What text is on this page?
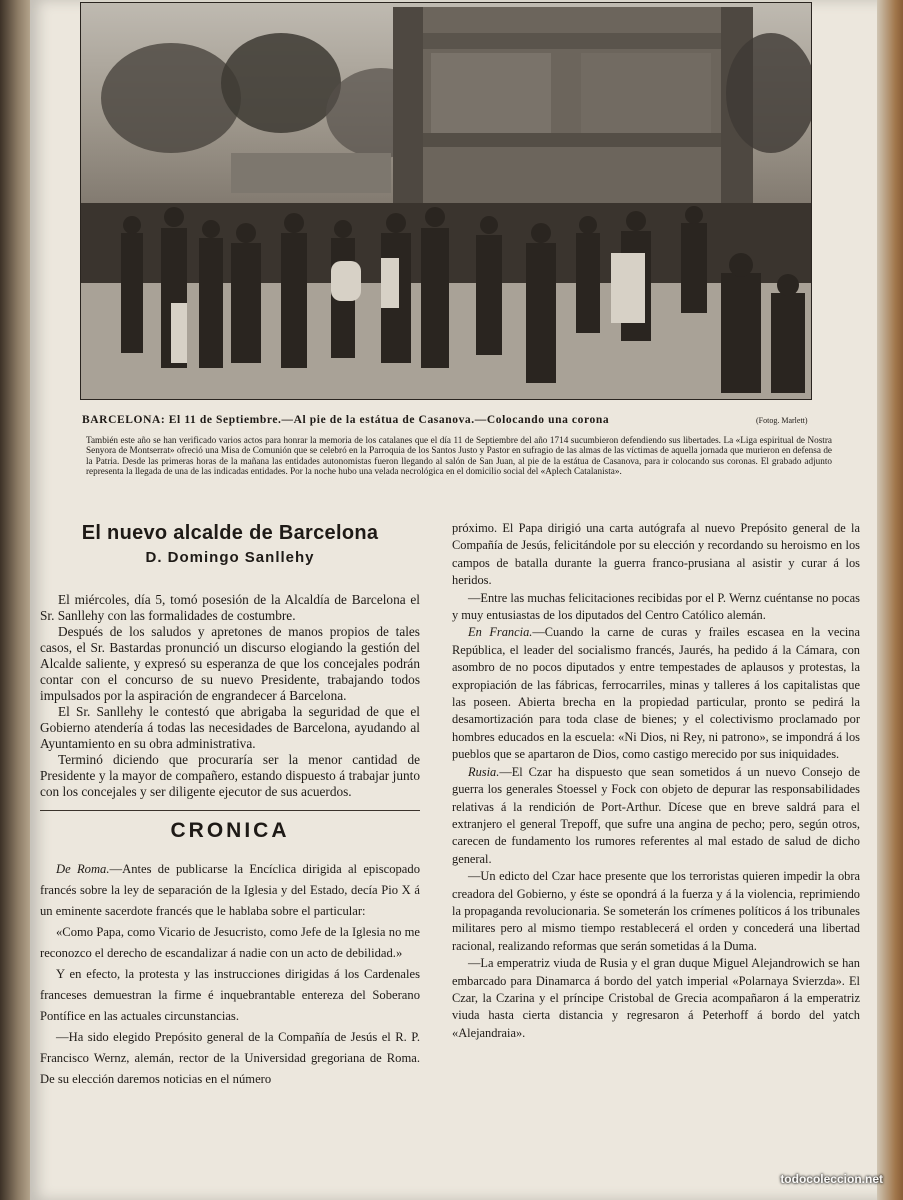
BARCELONA: El 11 de Septiembre.—Al pie de la estátua de Casanova.—Colocando una corona	(Fotog. Marlett)
También este año se han verificado varios actos para honrar la memoria de los catalanes que el día 11 de Septiembre del año 1714 sucumbieron defendiendo sus libertades. La «Liga espiritual de Nostra Senyora de Montserrat» ofreció una Misa de Comunión que se celebró en la Parroquia de los Santos Justo y Pastor en sufragio de las almas de las víctimas de aquella jornada que murieron en defensa de la Patria. Desde las primeras horas de la mañana las entidades autonomistas fueron llegando al salón de San Juan, al pie de la estátua de Casanova, para ir colocando sus coronas. El grabado adjunto representa la llegada de una de las indicadas entidades. Por la noche hubo una velada necrológica en el domicilio social del «Aplech Catalanista».
El nuevo alcalde de Barcelona
D. Domingo Sanllehy

El miércoles, día 5, tomó posesión de la Alcaldía de Barcelona el Sr. Sanllehy con las formalidades de costumbre.

Después de los saludos y apretones de manos propios de tales casos, el Sr. Bastardas pronunció un discurso elogiando la gestión del Alcalde saliente, y expresó su esperanza de que los concejales podrán contar con el concurso de su nuevo Presidente, trabajando todos impulsados por la aspiración de engrandecer á Barcelona.

El Sr. Sanllehy le contestó que abrigaba la seguridad de que el Gobierno atendería á todas las necesidades de Barcelona, ayudando al Ayuntamiento en su obra administrativa.

Terminó diciendo que procuraría ser la menor cantidad de Presidente y la mayor de compañero, estando dispuesto á trabajar junto con los concejales y ser diligente ejecutor de sus acuerdos.

CRONICA

De Roma.—Antes de publicarse la Encíclica dirigida al episcopado francés sobre la ley de separación de la Iglesia y del Estado, decía Pio X á un eminente sacerdote francés que le hablaba sobre el particular:

«Como Papa, como Vicario de Jesucristo, como Jefe de la Iglesia no me reconozco el derecho de escandalizar á nadie con un acto de debilidad.»

Y en efecto, la protesta y las instrucciones dirigidas á los Cardenales franceses demuestran la firme é inquebrantable entereza del Soberano Pontífice en las actuales circunstancias.

—Ha sido elegido Prepósito general de la Compañía de Jesús el R. P. Francisco Wernz, alemán, rector de la Universidad gregoriana de Roma. De su elección daremos noticias en el número

próximo. El Papa dirigió una carta autógrafa al nuevo Prepósito general de la Compañía de Jesús, felicitándole por su elección y recordando su heroismo en los campos de batalla durante la guerra franco-prusiana al asistir y curar á los heridos.

—Entre las muchas felicitaciones recibidas por el P. Wernz cuéntanse no pocas y muy entusiastas de los diputados del Centro Católico alemán.

En Francia.—Cuando la carne de curas y frailes escasea en la vecina República, el leader del socialismo francés, Jaurés, ha pedido á la Cámara, con asombro de no pocos diputados y entre tempestades de aplausos y protestas, la expropiación de las fábricas, ferrocarriles, minas y talleres á los capitalistas que las poseen. Abierta brecha en la propiedad particular, pronto se pedirá la desamortización para toda clase de bienes; y el colectivismo proclamado por hombres educados en la escuela: «Ni Dios, ni Rey, ni patrono», se impondrá á los pueblos que se apartaron de Dios, como castigo merecido por sus iniquidades.

Rusia.—El Czar ha dispuesto que sean sometidos á un nuevo Consejo de guerra los generales Stoessel y Fock con objeto de depurar las responsabilidades relativas á la rendición de Port-Arthur. Dícese que en breve saldrá para el extranjero el general Trepoff, que sufre una angina de pecho; pero, según otros, carecen de fundamento los rumores referentes al mal estado de salud de dicho general.

—Un edicto del Czar hace presente que los terroristas quieren impedir la obra creadora del Gobierno, y éste se opondrá á la fuerza y á la violencia, reprimiendo la propaganda revolucionaria. Se someterán los crímenes políticos á los tribunales militares pero al mismo tiempo restablecerá el orden y concederá una libertad racional, realizando reformas que serán sometidas á la Duma.

—La emperatriz viuda de Rusia y el gran duque Miguel Alejandrowich se han embarcado para Dinamarca á bordo del yatch imperial «Polarnaya Svierzda». El Czar, la Czarina y el príncipe Cristobal de Grecia acompañaron á la emperatriz viuda hasta cierta distancia y regresaron á Peterhoff á bordo del yatch «Alejandraia».

todocoleccion.net
